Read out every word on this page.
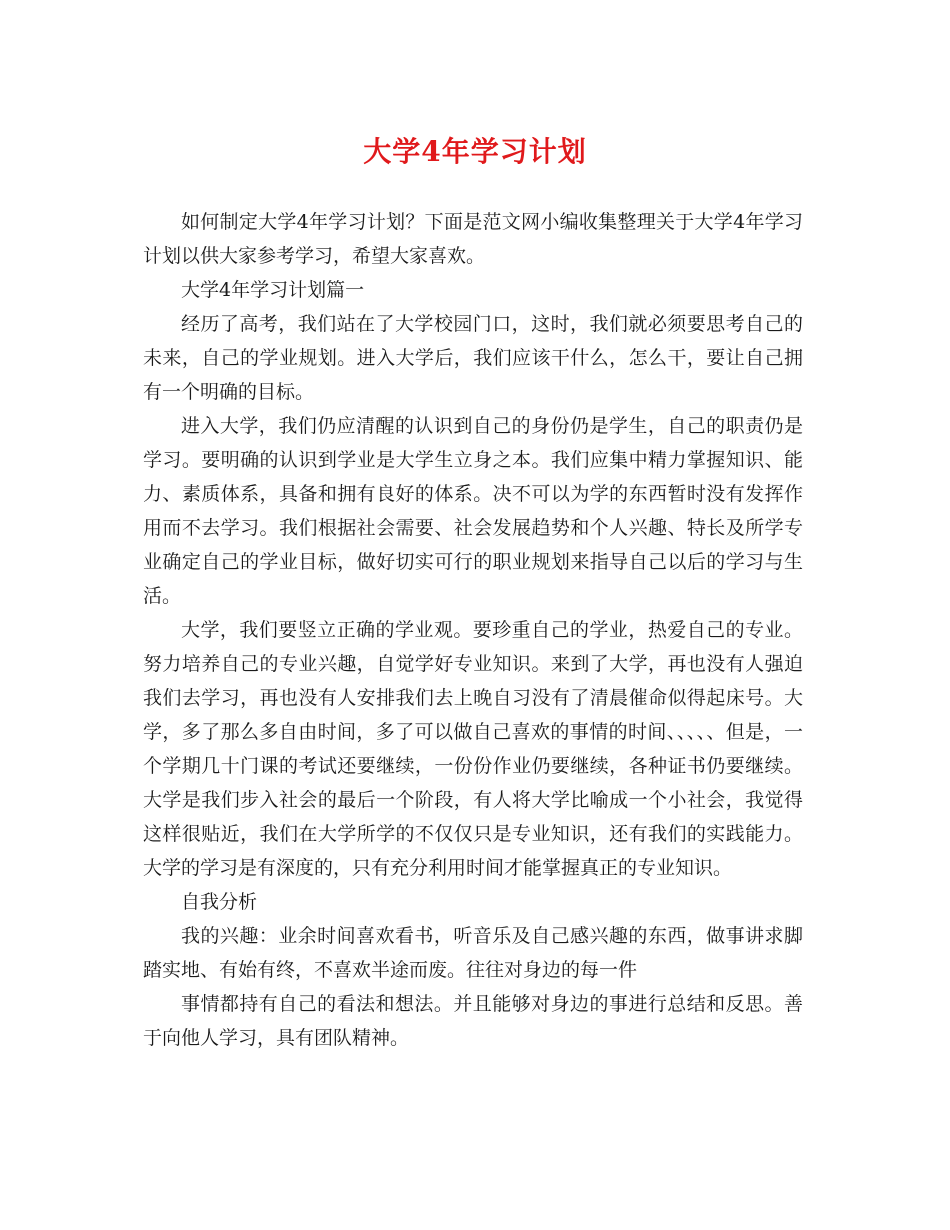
大学4年学习计划

如何制定大学4年学习计划？下面是范文网小编收集整理关于大学4年学习计划以供大家参考学习，希望大家喜欢。

大学4年学习计划篇一

经历了高考，我们站在了大学校园门口，这时，我们就必须要思考自己的未来，自己的学业规划。进入大学后，我们应该干什么，怎么干，要让自己拥有一个明确的目标。

进入大学，我们仍应清醒的认识到自己的身份仍是学生，自己的职责仍是学习。要明确的认识到学业是大学生立身之本。我们应集中精力掌握知识、能力、素质体系，具备和拥有良好的体系。决不可以为学的东西暂时没有发挥作用而不去学习。我们根据社会需要、社会发展趋势和个人兴趣、特长及所学专业确定自己的学业目标，做好切实可行的职业规划来指导自己以后的学习与生活。

大学，我们要竖立正确的学业观。要珍重自己的学业，热爱自己的专业。努力培养自己的专业兴趣，自觉学好专业知识。来到了大学，再也没有人强迫我们去学习，再也没有人安排我们去上晚自习没有了清晨催命似得起床号。大学，多了那么多自由时间，多了可以做自己喜欢的事情的时间、、、、、但是，一个学期几十门课的考试还要继续，一份份作业仍要继续，各种证书仍要继续。大学是我们步入社会的最后一个阶段，有人将大学比喻成一个小社会，我觉得这样很贴近，我们在大学所学的不仅仅只是专业知识，还有我们的实践能力。大学的学习是有深度的，只有充分利用时间才能掌握真正的专业知识。

自我分析

我的兴趣：业余时间喜欢看书，听音乐及自己感兴趣的东西，做事讲求脚踏实地、有始有终，不喜欢半途而废。往往对身边的每一件

事情都持有自己的看法和想法。并且能够对身边的事进行总结和反思。善于向他人学习，具有团队精神。
